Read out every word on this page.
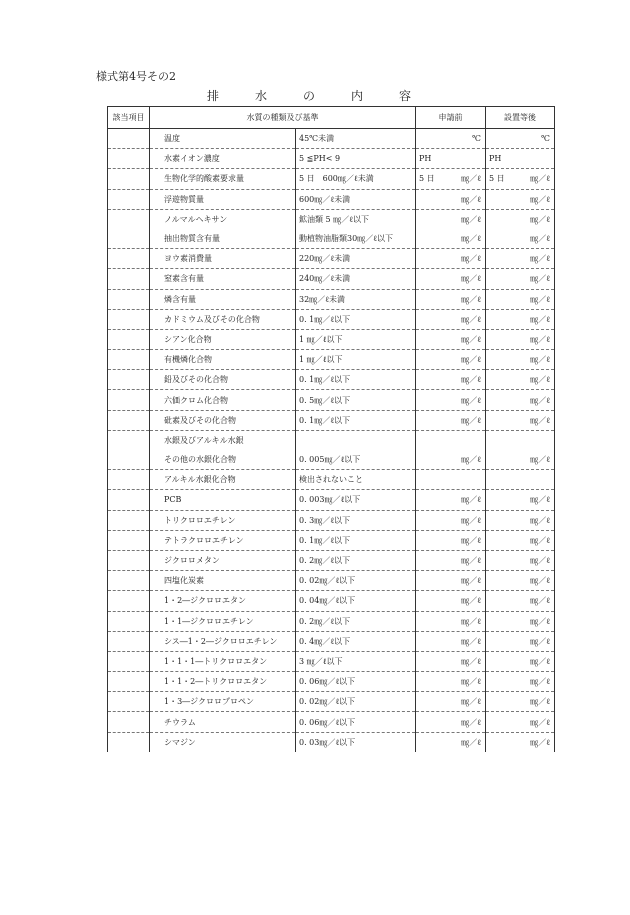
様式第4号その2
排　水　の　内　容
該当項目	水質の種類及び基準		申請前	設置等後
	温度	45℃未満	℃	℃
	水素イオン濃度	5 ≦PH< 9	PH	PH

	生物化学的酸素要求量	5 日　600㎎／ℓ未満	5 日 ㎎／ℓ	5 日 ㎎／ℓ

	浮遊物質量	600㎎／ℓ未満	㎎／ℓ	㎎／ℓ
	ノルマルヘキサン	鉱油類 5 ㎎／ℓ以下	㎎／ℓ	㎎／ℓ
	抽出物質含有量	動植物油脂類30㎎／ℓ以下	㎎／ℓ	㎎／ℓ
	ヨウ素消費量	220㎎／ℓ未満	㎎／ℓ	㎎／ℓ
	窒素含有量	240㎎／ℓ未満	㎎／ℓ	㎎／ℓ
	燐含有量	32㎎／ℓ未満	㎎／ℓ	㎎／ℓ
	カドミウム及びその化合物	0. 1㎎／ℓ以下	㎎／ℓ	㎎／ℓ
	シアン化合物	1 ㎎／ℓ以下	㎎／ℓ	㎎／ℓ
	有機燐化合物	1 ㎎／ℓ以下	㎎／ℓ	㎎／ℓ
	鉛及びその化合物	0. 1㎎／ℓ以下	㎎／ℓ	㎎／ℓ
	六価クロム化合物	0. 5㎎／ℓ以下	㎎／ℓ	㎎／ℓ
	砒素及びその化合物	0. 1㎎／ℓ以下	㎎／ℓ	㎎／ℓ
	水銀及びアルキル水銀			
	その他の水銀化合物	0. 005㎎／ℓ以下	㎎／ℓ	㎎／ℓ
	アルキル水銀化合物	検出されないこと		
	PCB	0. 003㎎／ℓ以下	㎎／ℓ	㎎／ℓ
	トリクロロエチレン	0. 3㎎／ℓ以下	㎎／ℓ	㎎／ℓ
	テトラクロロエチレン	0. 1㎎／ℓ以下	㎎／ℓ	㎎／ℓ
	ジクロロメタン	0. 2㎎／ℓ以下	㎎／ℓ	㎎／ℓ
	四塩化炭素	0. 02㎎／ℓ以下	㎎／ℓ	㎎／ℓ
	1・2―ジクロロエタン	0. 04㎎／ℓ以下	㎎／ℓ	㎎／ℓ
	1・1―ジクロロエチレン	0. 2㎎／ℓ以下	㎎／ℓ	㎎／ℓ
	シス―1・2―ジクロロエチレン	0. 4㎎／ℓ以下	㎎／ℓ	㎎／ℓ
	1・1・1―トリクロロエタン	3 ㎎／ℓ以下	㎎／ℓ	㎎／ℓ
	1・1・2―トリクロロエタン	0. 06㎎／ℓ以下	㎎／ℓ	㎎／ℓ
	1・3―ジクロロプロペン	0. 02㎎／ℓ以下	㎎／ℓ	㎎／ℓ
	チウラム	0. 06㎎／ℓ以下	㎎／ℓ	㎎／ℓ
	シマジン	0. 03㎎／ℓ以下	㎎／ℓ	㎎／ℓ
